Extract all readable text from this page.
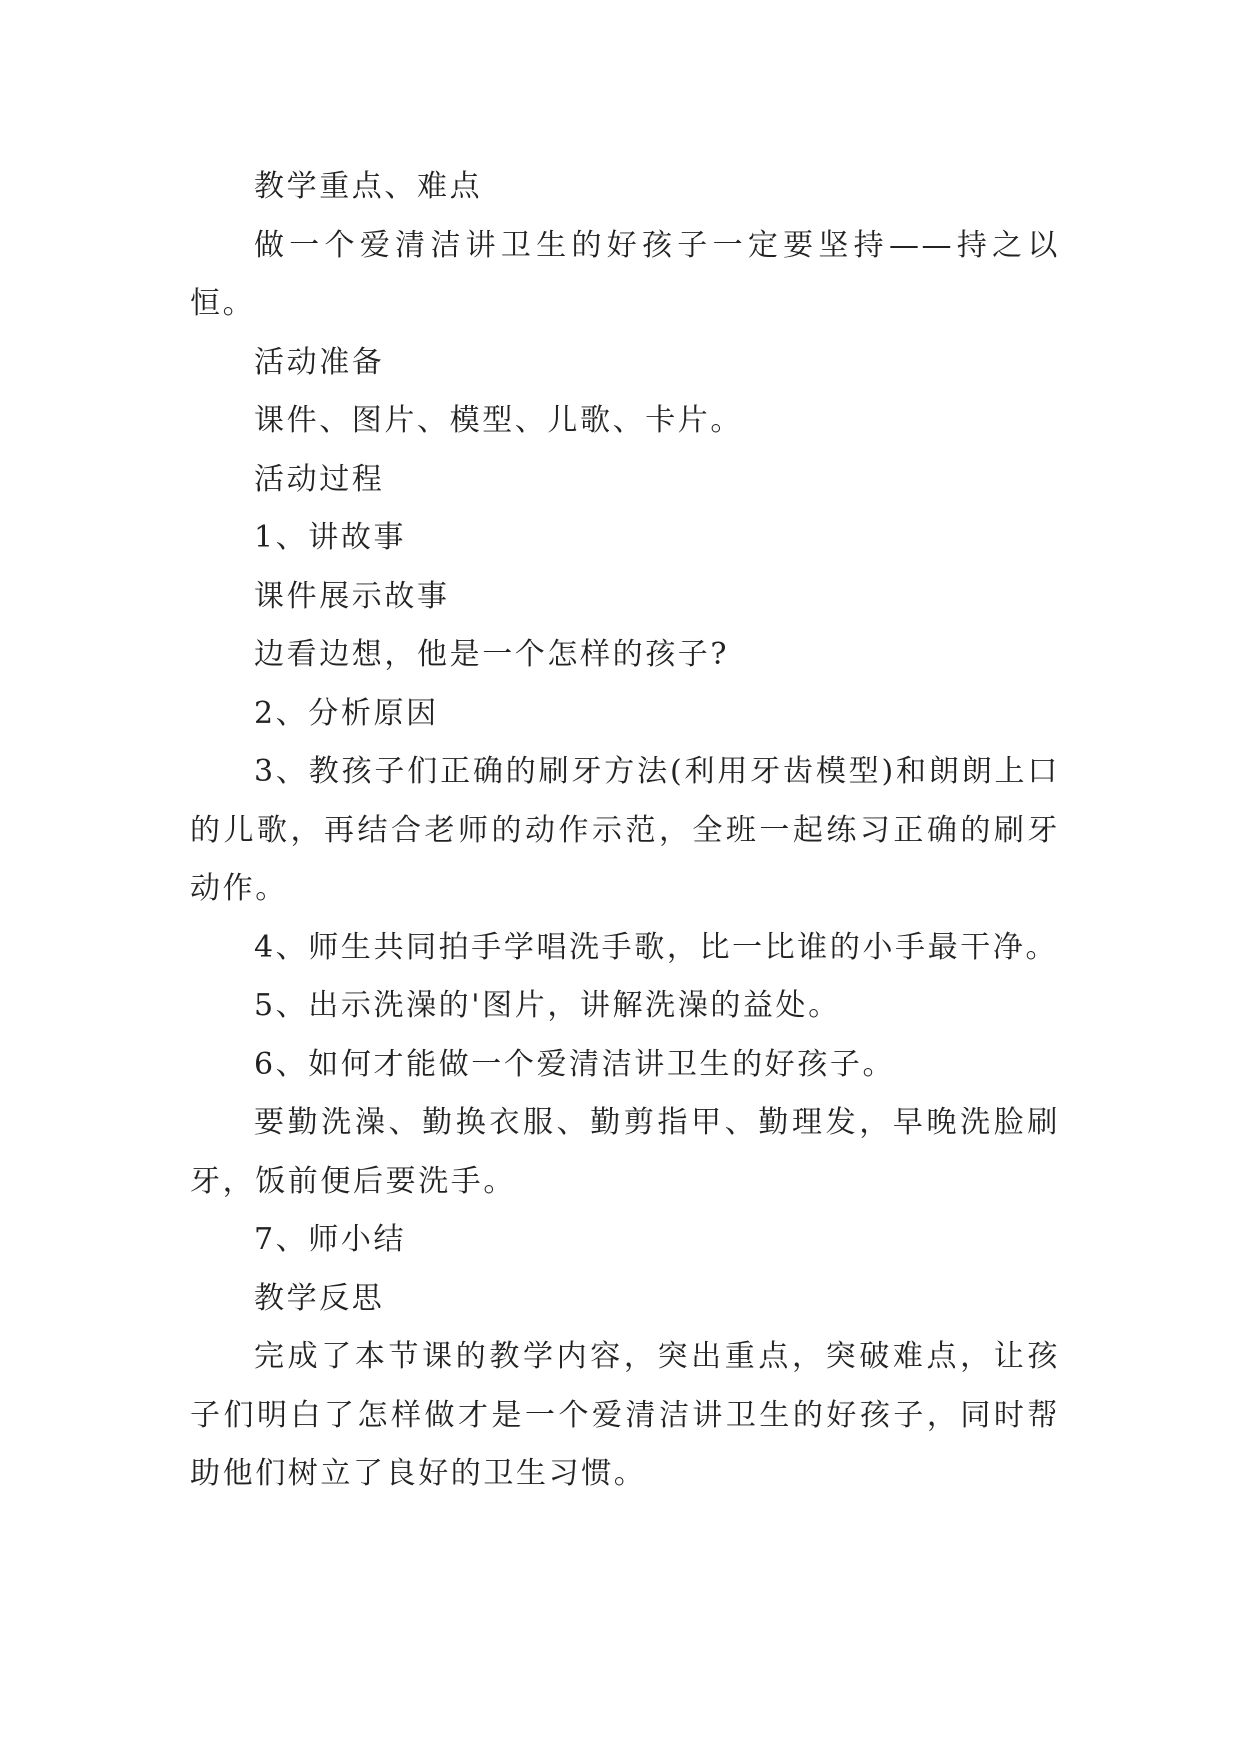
教学重点、难点

做一个爱清洁讲卫生的好孩子一定要坚持——持之以恒。

活动准备

课件、图片、模型、儿歌、卡片。

活动过程

1、讲故事

课件展示故事

边看边想，他是一个怎样的孩子?

2、分析原因

3、教孩子们正确的刷牙方法(利用牙齿模型)和朗朗上口的儿歌，再结合老师的动作示范，全班一起练习正确的刷牙动作。

4、师生共同拍手学唱洗手歌，比一比谁的小手最干净。

5、出示洗澡的'图片，讲解洗澡的益处。

6、如何才能做一个爱清洁讲卫生的好孩子。

要勤洗澡、勤换衣服、勤剪指甲、勤理发，早晚洗脸刷牙，饭前便后要洗手。

7、师小结

教学反思

完成了本节课的教学内容，突出重点，突破难点，让孩子们明白了怎样做才是一个爱清洁讲卫生的好孩子，同时帮助他们树立了良好的卫生习惯。
